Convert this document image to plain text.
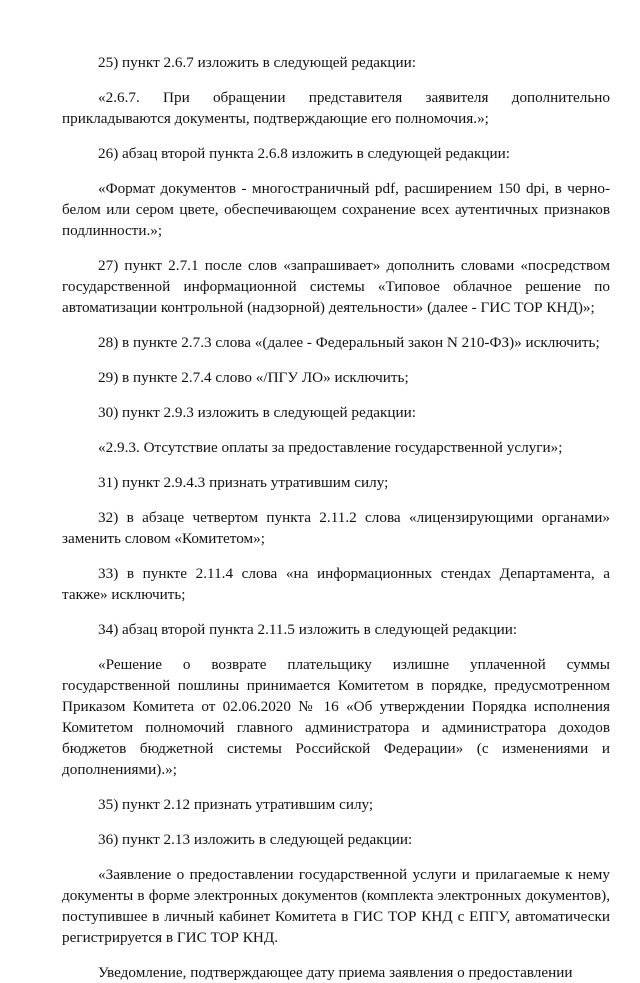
25) пункт 2.6.7 изложить в следующей редакции:

«2.6.7. При обращении представителя заявителя дополнительно прикладываются документы, подтверждающие его полномочия.»;

26) абзац второй пункта 2.6.8 изложить в следующей редакции:

«Формат документов - многостраничный pdf, расширением 150 dpi, в черно-белом или сером цвете, обеспечивающем сохранение всех аутентичных признаков подлинности.»;

27) пункт 2.7.1 после слов «запрашивает» дополнить словами «посредством государственной информационной системы «Типовое облачное решение по автоматизации контрольной (надзорной) деятельности» (далее - ГИС ТОР КНД)»;

28) в пункте 2.7.3 слова «(далее - Федеральный закон N 210-ФЗ)» исключить;

29) в пункте 2.7.4 слово «/ПГУ ЛО» исключить;

30) пункт 2.9.3 изложить в следующей редакции:

«2.9.3. Отсутствие оплаты за предоставление государственной услуги»;

31) пункт 2.9.4.3 признать утратившим силу;

32) в абзаце четвертом пункта 2.11.2 слова «лицензирующими органами» заменить словом «Комитетом»;

33) в пункте 2.11.4 слова «на информационных стендах Департамента, а также» исключить;

34) абзац второй пункта 2.11.5 изложить в следующей редакции:

«Решение о возврате плательщику излишне уплаченной суммы государственной пошлины принимается Комитетом в порядке, предусмотренном Приказом Комитета от 02.06.2020 № 16 «Об утверждении Порядка исполнения Комитетом полномочий главного администратора и администратора доходов бюджетов бюджетной системы Российской Федерации» (с изменениями и дополнениями).»;

35) пункт 2.12 признать утратившим силу;

36) пункт 2.13 изложить в следующей редакции:

«Заявление о предоставлении государственной услуги и прилагаемые к нему документы в форме электронных документов (комплекта электронных документов), поступившее в личный кабинет Комитета в ГИС ТОР КНД с ЕПГУ, автоматически регистрируется в ГИС ТОР КНД.

Уведомление, подтверждающее дату приема заявления о предоставлении
